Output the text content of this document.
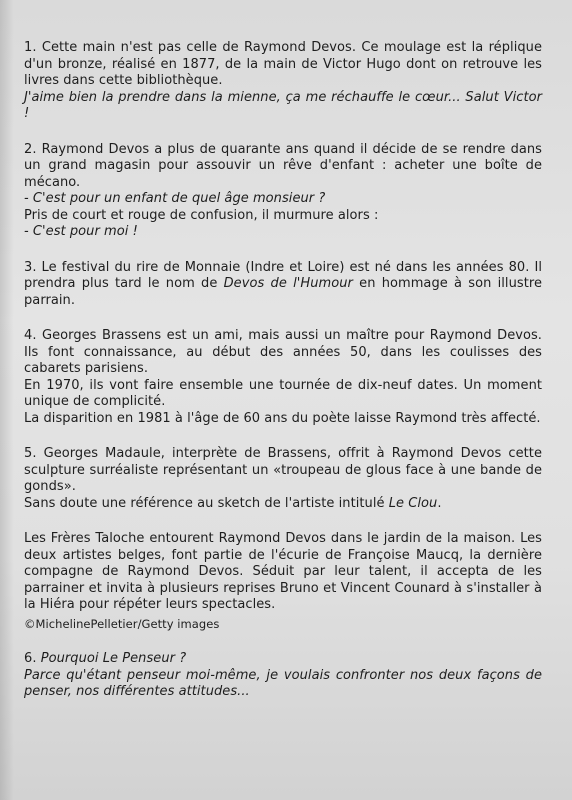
1. Cette main n'est pas celle de Raymond Devos. Ce moulage est la réplique d'un bronze, réalisé en 1877, de la main de Victor Hugo dont on retrouve les livres dans cette bibliothèque.
J'aime bien la prendre dans la mienne, ça me réchauffe le cœur... Salut Victor !
2. Raymond Devos a plus de quarante ans quand il décide de se rendre dans un grand magasin pour assouvir un rêve d'enfant : acheter une boîte de mécano.
- C'est pour un enfant de quel âge monsieur ?
Pris de court et rouge de confusion, il murmure alors :
- C'est pour moi !
3. Le festival du rire de Monnaie (Indre et Loire) est né dans les années 80. Il prendra plus tard le nom de Devos de l'Humour en hommage à son illustre parrain.
4. Georges Brassens est un ami, mais aussi un maître pour Raymond Devos. Ils font connaissance, au début des années 50, dans les coulisses des cabarets parisiens.
En 1970, ils vont faire ensemble une tournée de dix-neuf dates. Un moment unique de complicité.
La disparition en 1981 à l'âge de 60 ans du poète laisse Raymond très affecté.
5. Georges Madaule, interprète de Brassens, offrit à Raymond Devos cette sculpture surréaliste représentant un «troupeau de glous face à une bande de gonds».
Sans doute une référence au sketch de l'artiste intitulé Le Clou.
Les Frères Taloche entourent Raymond Devos dans le jardin de la maison. Les deux artistes belges, font partie de l'écurie de Françoise Maucq, la dernière compagne de Raymond Devos. Séduit par leur talent, il accepta de les parrainer et invita à plusieurs reprises Bruno et Vincent Counard à s'installer à la Hiéra pour répéter leurs spectacles.
©MichelinePelletier/Getty images
6. Pourquoi Le Penseur ?
Parce qu'étant penseur moi-même, je voulais confronter nos deux façons de penser, nos différentes attitudes...
